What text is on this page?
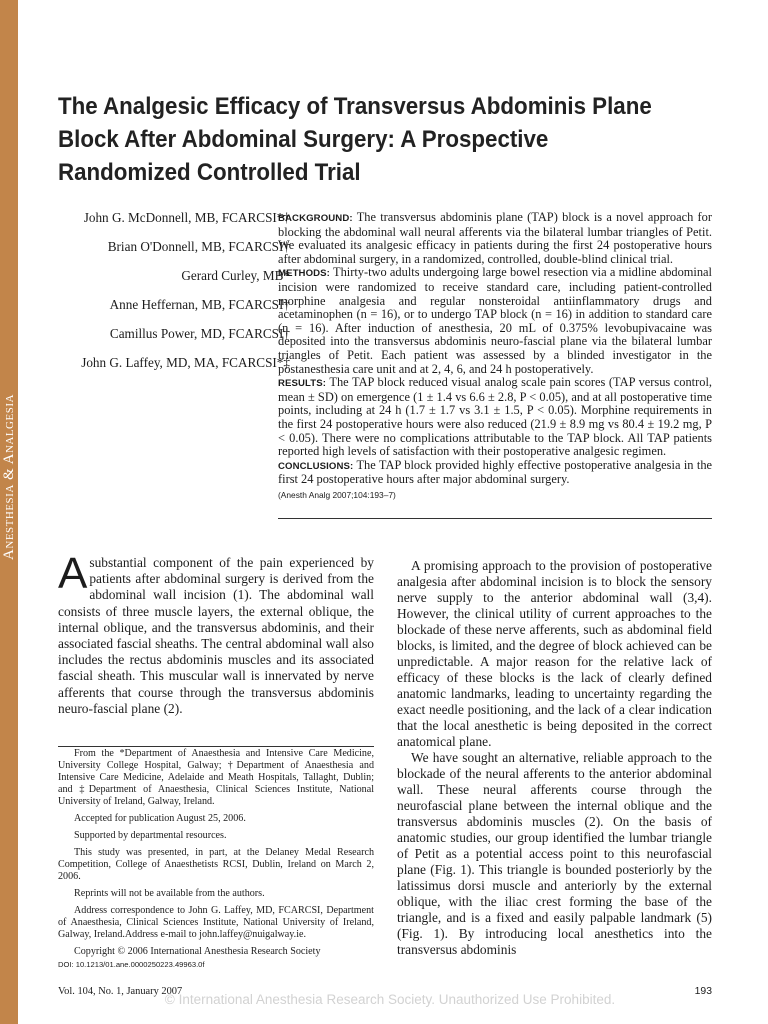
Anesthesia & Analgesia
The Analgesic Efficacy of Transversus Abdominis Plane Block After Abdominal Surgery: A Prospective Randomized Controlled Trial
John G. McDonnell, MB, FCARCSI*†
Brian O'Donnell, MB, FCARCSI†
Gerard Curley, MB*
Anne Heffernan, MB, FCARCSI†
Camillus Power, MD, FCARCSI†
John G. Laffey, MD, MA, FCARCSI*‡

BACKGROUND: The transversus abdominis plane (TAP) block is a novel approach for blocking the abdominal wall neural afferents via the bilateral lumbar triangles of Petit. We evaluated its analgesic efficacy in patients during the first 24 postoperative hours after abdominal surgery, in a randomized, controlled, double-blind clinical trial.

METHODS: Thirty-two adults undergoing large bowel resection via a midline abdominal incision were randomized to receive standard care, including patient-controlled morphine analgesia and regular nonsteroidal antiinflammatory drugs and acetaminophen (n = 16), or to undergo TAP block (n = 16) in addition to standard care (n = 16). After induction of anesthesia, 20 mL of 0.375% levobupivacaine was deposited into the transversus abdominis neuro-fascial plane via the bilateral lumbar triangles of Petit. Each patient was assessed by a blinded investigator in the postanesthesia care unit and at 2, 4, 6, and 24 h postoperatively.

RESULTS: The TAP block reduced visual analog scale pain scores (TAP versus control, mean ± SD) on emergence (1 ± 1.4 vs 6.6 ± 2.8, P < 0.05), and at all postoperative time points, including at 24 h (1.7 ± 1.7 vs 3.1 ± 1.5, P < 0.05). Morphine requirements in the first 24 postoperative hours were also reduced (21.9 ± 8.9 mg vs 80.4 ± 19.2 mg, P < 0.05). There were no complications attributable to the TAP block. All TAP patients reported high levels of satisfaction with their postoperative analgesic regimen.

CONCLUSIONS: The TAP block provided highly effective postoperative analgesia in the first 24 postoperative hours after major abdominal surgery.

(Anesth Analg 2007;104:193–7)

Asubstantial component of the pain experienced by patients after abdominal surgery is derived from the abdominal wall incision (1). The abdominal wall consists of three muscle layers, the external oblique, the internal oblique, and the transversus abdominis, and their associated fascial sheaths. The central abdominal wall also includes the rectus abdominis muscles and its associated fascial sheath. This muscular wall is innervated by nerve afferents that course through the transversus abdominis neuro-fascial plane (2).

From the *Department of Anaesthesia and Intensive Care Medicine, University College Hospital, Galway; †Department of Anaesthesia and Intensive Care Medicine, Adelaide and Meath Hospitals, Tallaght, Dublin; and ‡Department of Anaesthesia, Clinical Sciences Institute, National University of Ireland, Galway, Ireland.

Accepted for publication August 25, 2006.

Supported by departmental resources.

This study was presented, in part, at the Delaney Medal Research Competition, College of Anaesthetists RCSI, Dublin, Ireland on March 2, 2006.

Reprints will not be available from the authors.

Address correspondence to John G. Laffey, MD, FCARCSI, Department of Anaesthesia, Clinical Sciences Institute, National University of Ireland, Galway, Ireland.Address e-mail to john.laffey@nuigalway.ie.

Copyright © 2006 International Anesthesia Research Society

DOI: 10.1213/01.ane.0000250223.49963.0f

A promising approach to the provision of postoperative analgesia after abdominal incision is to block the sensory nerve supply to the anterior abdominal wall (3,4). However, the clinical utility of current approaches to the blockade of these nerve afferents, such as abdominal field blocks, is limited, and the degree of block achieved can be unpredictable. A major reason for the relative lack of efficacy of these blocks is the lack of clearly defined anatomic landmarks, leading to uncertainty regarding the exact needle positioning, and the lack of a clear indication that the local anesthetic is being deposited in the correct anatomical plane.

We have sought an alternative, reliable approach to the blockade of the neural afferents to the anterior abdominal wall. These neural afferents course through the neurofascial plane between the internal oblique and the transversus abdominis muscles (2). On the basis of anatomic studies, our group identified the lumbar triangle of Petit as a potential access point to this neurofascial plane (Fig. 1). This triangle is bounded posteriorly by the latissimus dorsi muscle and anteriorly by the external oblique, with the iliac crest forming the base of the triangle, and is a fixed and easily palpable landmark (5) (Fig. 1). By introducing local anesthetics into the transversus abdominis

Vol. 104, No. 1, January 2007	193
© International Anesthesia Research Society. Unauthorized Use Prohibited.
